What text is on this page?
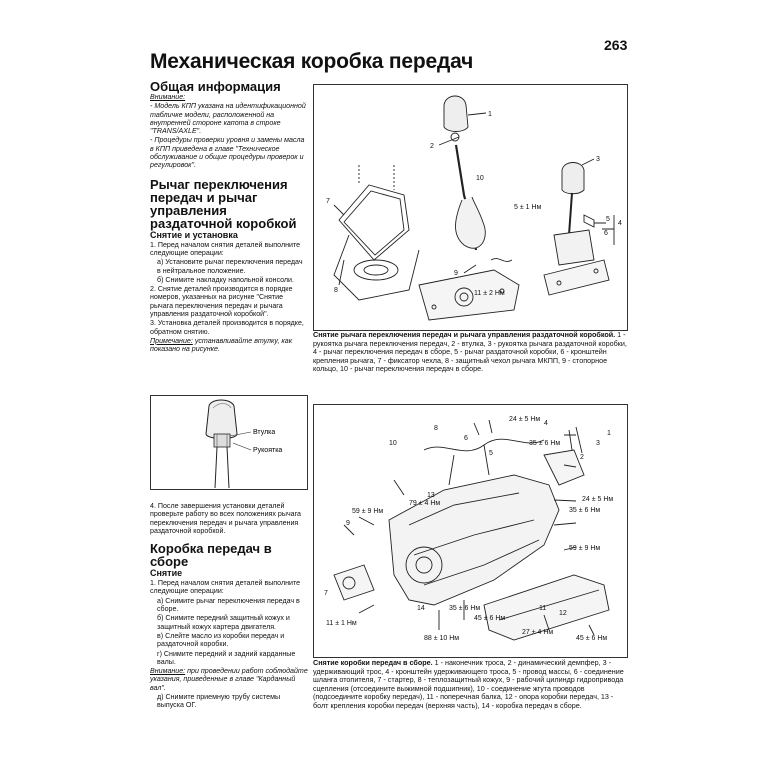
263
Механическая коробка передач
Общая информация

Внимание:

- Модель КПП указана на идентификационной табличке модели, расположенной на внутренней стороне капота в строке "TRANS/AXLE".

- Процедуры проверки уровня и замены масла в КПП приведена в главе "Техническое обслуживание и общие процедуры проверок и регулировок".

Рычаг переключения передач и рычаг управления раздаточной коробкой
Снятие и установка

1. Перед началом снятия деталей выполните следующие операции:

а) Установите рычаг переключения передач в нейтральное положение.

б) Снимите накладку напольной консоли.

2. Снятие деталей производится в порядке номеров, указанных на рисунке "Снятие рычага переключения передач и рычага управления раздаточной коробкой".

3. Установка деталей производится в порядке, обратном снятию.

Примечание: устанавливайте втулку, как показано на рисунке.

Втулка
Рукоятка

4. После завершения установки деталей проверьте работу во всех положениях рычага переключения передач и рычага управления раздаточной коробкой.

Коробка передач в сборе
Снятие

1. Перед началом снятия деталей выполните следующие операции:

а) Снимите рычаг переключения передач в сборе.

б) Снимите передний защитный кожух и защитный кожух картера двигателя.

в) Слейте масло из коробки передач и раздаточной коробки.

г) Снимите передний и задний карданные валы.

Внимание: при проведении работ соблюдайте указания, приведенные в главе "Карданный вал".

д) Снимите приемную трубу системы выпуска ОГ.

1
2
3
4
5
6
7
8
9
10
5 ± 1 Нм
11 ± 2 Нм
Снятие рычага переключения передач и рычага управления раздаточной коробкой. 1 - рукоятка рычага переключения передач, 2 - втулка, 3 - рукоятка рычага раздаточной коробки, 4 - рычаг переключения передач в сборе, 5 - рычаг раздаточной коробки, 6 - кронштейн крепления рычага, 7 - фиксатор чехла, 8 - защитный чехол рычага МКПП, 9 - стопорное кольцо, 10 - рычаг переключения передач в сборе.
1
2
3
4
5
6
7
8
9
10
11
12
13
14
24 ± 5 Нм
35 ± 6 Нм
24 ± 5 Нм
35 ± 6 Нм
79 ± 4 Нм
59 ± 9 Нм
59 ± 9 Нм
35 ± 6 Нм
45 ± 6 Нм
11 ± 1 Нм
88 ± 10 Нм
27 ± 4 Нм
45 ± 6 Нм
Снятие коробки передач в сборе. 1 - наконечник троса, 2 - динамический демпфер, 3 - удерживающий трос, 4 - кронштейн удерживающего троса, 5 - провод массы, 6 - соединение шланга отопителя, 7 - стартер, 8 - теплозащитный кожух, 9 - рабочий цилиндр гидропривода сцепления (отсоедините выжимной подшипник), 10 - соединение жгута проводов (подсоедините коробку передач), 11 - поперечная балка, 12 - опора коробки передач, 13 - болт крепления коробки передач (верхняя часть), 14 - коробка передач в сборе.
